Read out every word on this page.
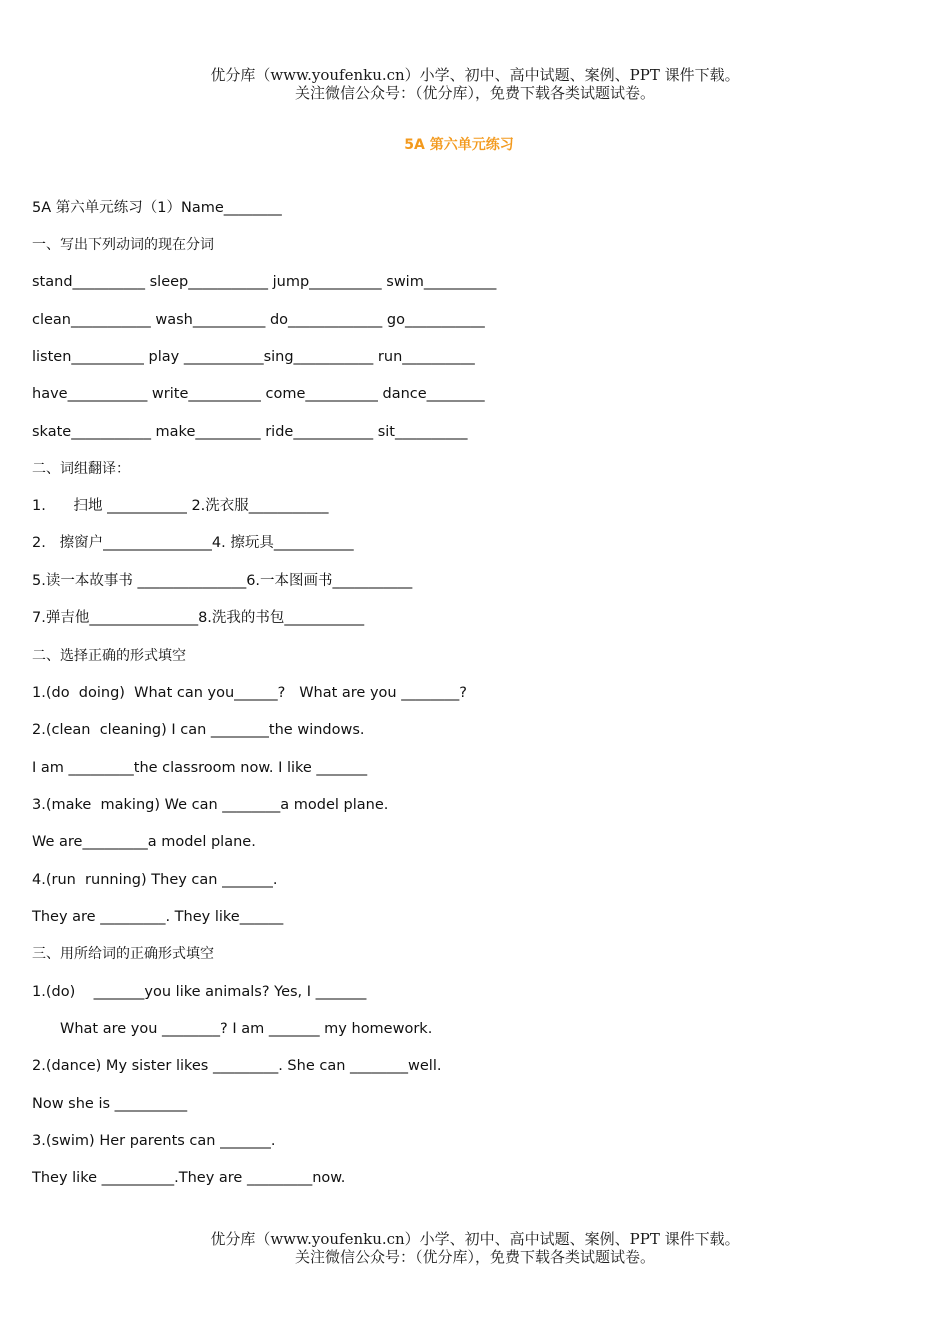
优分库（www.youfenku.cn）小学、初中、高中试题、案例、PPT 课件下载。
关注微信公众号：（优分库），免费下载各类试题试卷。
5A 第六单元练习
5A 第六单元练习（1）Name________
一、写出下列动词的现在分词
stand__________ sleep___________ jump__________ swim__________
clean___________ wash__________ do_____________ go___________
listen__________ play ___________sing___________ run__________
have___________ write__________ come__________ dance________
skate___________ make_________ ride___________ sit__________
二、词组翻译：
1.      扫地 ___________ 2.洗衣服___________
2.   擦窗户_______________4. 擦玩具___________
5.读一本故事书 _______________6.一本图画书___________
7.弹吉他_______________8.洗我的书包___________
二、选择正确的形式填空
1.(do  doing)  What can you______?   What are you ________?
2.(clean  cleaning) I can ________the windows.
I am _________the classroom now. I like _______
3.(make  making) We can ________a model plane.
We are_________a model plane.
4.(run  running) They can _______.
They are _________. They like______
三、用所给词的正确形式填空
1.(do)    _______you like animals? Yes, I _______
What are you ________? I am _______ my homework.
2.(dance) My sister likes _________. She can ________well.
Now she is __________
3.(swim) Her parents can _______.
They like __________.They are _________now.
优分库（www.youfenku.cn）小学、初中、高中试题、案例、PPT 课件下载。
关注微信公众号：（优分库），免费下载各类试题试卷。
